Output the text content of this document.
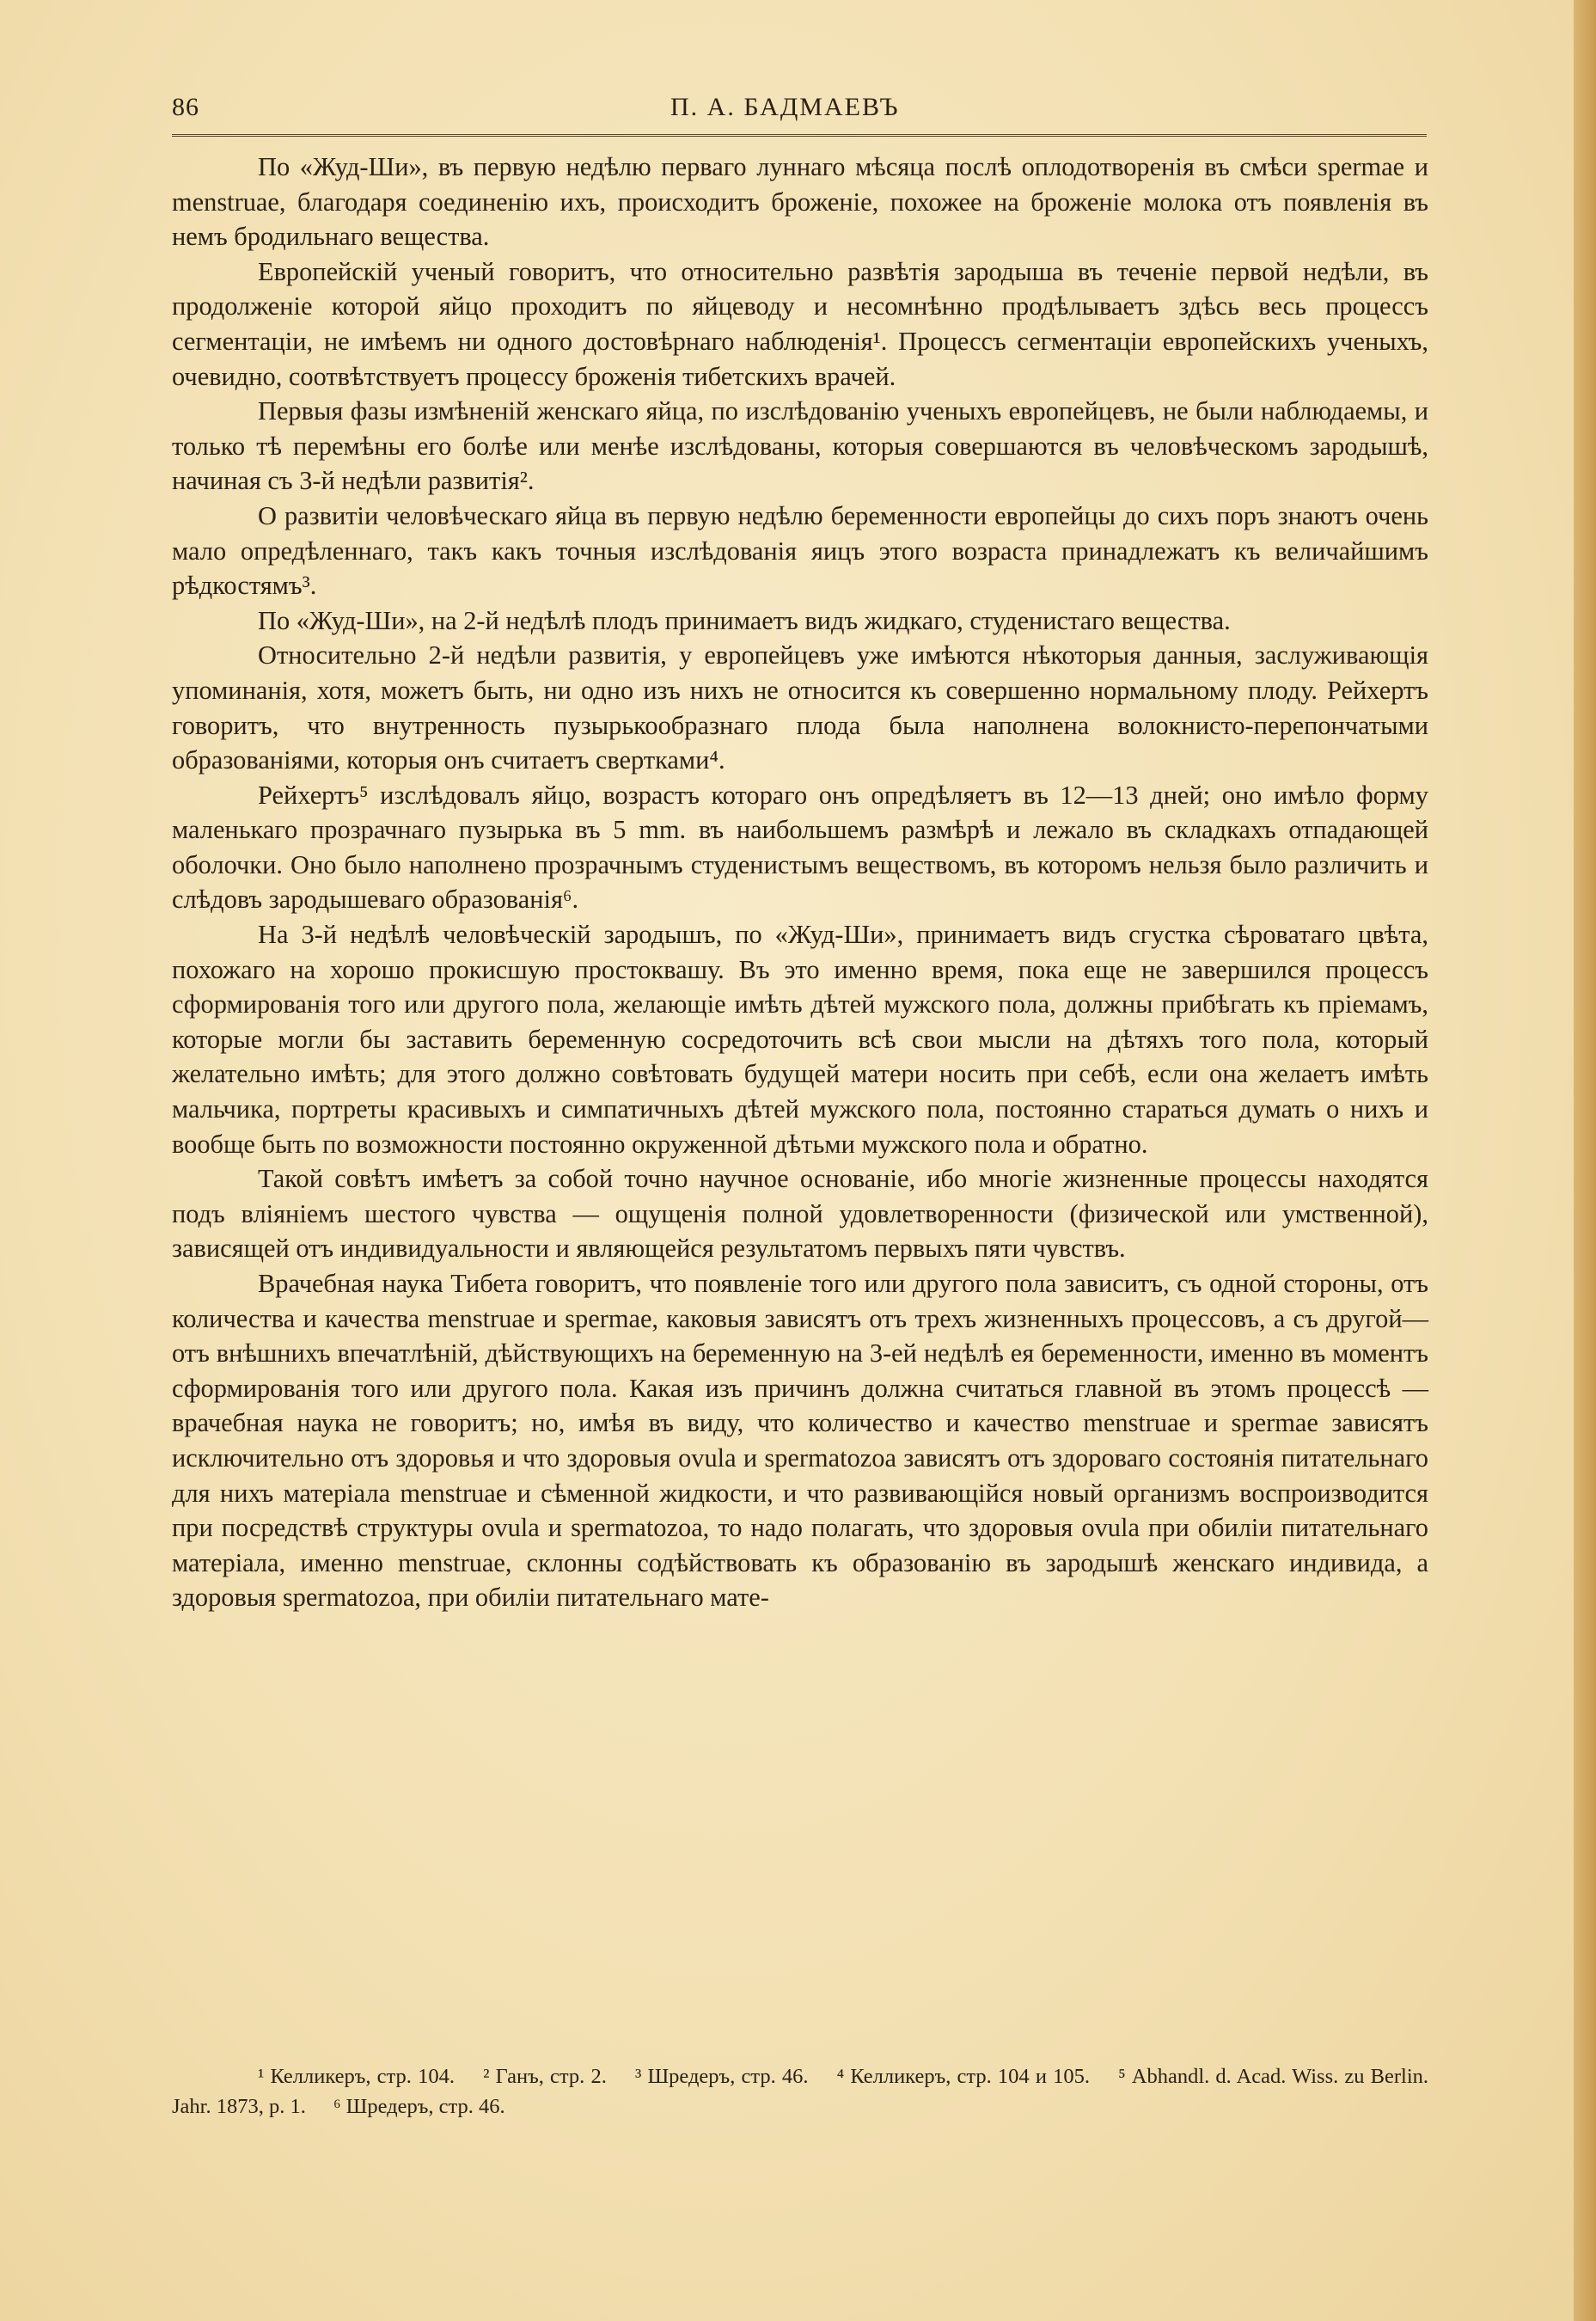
86	П. А. БАДМАЕВЪ

По «Жуд-Ши», въ первую недѣлю перваго луннаго мѣсяца послѣ оплодотворенія въ смѣси spermae и menstruae, благодаря соединенію ихъ, происходитъ броженіе, похожее на броженіе молока отъ появленія въ немъ бродильнаго вещества.

Европейскій ученый говоритъ, что относительно развѣтія зародыша въ теченіе первой недѣли, въ продолженіе которой яйцо проходитъ по яйцеводу и несомнѣнно продѣлываетъ здѣсь весь процессъ сегментаціи, не имѣемъ ни одного достовѣрнаго наблюденія¹. Процессъ сегментаціи европейскихъ ученыхъ, очевидно, соотвѣтствуетъ процессу броженія тибетскихъ врачей.

Первыя фазы измѣненій женскаго яйца, по изслѣдованію ученыхъ европейцевъ, не были наблюдаемы, и только тѣ перемѣны его болѣе или менѣе изслѣдованы, которыя совершаются въ человѣческомъ зародышѣ, начиная съ 3-й недѣли развитія².

О развитіи человѣческаго яйца въ первую недѣлю беременности европейцы до сихъ поръ знаютъ очень мало опредѣленнаго, такъ какъ точныя изслѣдованія яицъ этого возраста принадлежатъ къ величайшимъ рѣдкостямъ³.

По «Жуд-Ши», на 2-й недѣлѣ плодъ принимаетъ видъ жидкаго, студенистаго вещества.

Относительно 2-й недѣли развитія, у европейцевъ уже имѣются нѣкоторыя данныя, заслуживающія упоминанія, хотя, можетъ быть, ни одно изъ нихъ не относится къ совершенно нормальному плоду. Рейхертъ говоритъ, что внутренность пузырькообразнаго плода была наполнена волокнисто-перепончатыми образованіями, которыя онъ считаетъ свертками⁴.

Рейхертъ⁵ изслѣдовалъ яйцо, возрастъ котораго онъ опредѣляетъ въ 12—13 дней; оно имѣло форму маленькаго прозрачнаго пузырька въ 5 mm. въ наибольшемъ размѣрѣ и лежало въ складкахъ отпадающей оболочки. Оно было наполнено прозрачнымъ студенистымъ веществомъ, въ которомъ нельзя было различить и слѣдовъ зародышеваго образованія⁶.

На 3-й недѣлѣ человѣческій зародышъ, по «Жуд-Ши», принимаетъ видъ сгустка сѣроватаго цвѣта, похожаго на хорошо прокисшую простоквашу. Въ это именно время, пока еще не завершился процессъ сформированія того или другого пола, желающіе имѣть дѣтей мужского пола, должны прибѣгать къ пріемамъ, которые могли бы заставить беременную сосредоточить всѣ свои мысли на дѣтяхъ того пола, который желательно имѣть; для этого должно совѣтовать будущей матери носить при себѣ, если она желаетъ имѣть мальчика, портреты красивыхъ и симпатичныхъ дѣтей мужского пола, постоянно стараться думать о нихъ и вообще быть по возможности постоянно окруженной дѣтьми мужского пола и обратно.

Такой совѣтъ имѣетъ за собой точно научное основаніе, ибо многіе жизненные процессы находятся подъ вліяніемъ шестого чувства — ощущенія полной удовлетворенности (физической или умственной), зависящей отъ индивидуальности и являющейся результатомъ первыхъ пяти чувствъ.

Врачебная наука Тибета говоритъ, что появленіе того или другого пола зависитъ, съ одной стороны, отъ количества и качества menstruae и spermae, каковыя зависятъ отъ трехъ жизненныхъ процессовъ, а съ другой—отъ внѣшнихъ впечатлѣній, дѣйствующихъ на беременную на 3-ей недѣлѣ ея беременности, именно въ моментъ сформированія того или другого пола. Какая изъ причинъ должна считаться главной въ этомъ процессѣ — врачебная наука не говоритъ; но, имѣя въ виду, что количество и качество menstruae и spermae зависятъ исключительно отъ здоровья и что здоровыя ovula и spermatozoa зависятъ отъ здороваго состоянія питательнаго для нихъ матеріала menstruae и сѣменной жидкости, и что развивающійся новый организмъ воспроизводится при посредствѣ структуры ovula и spermatozoa, то надо полагать, что здоровыя ovula при обиліи питательнаго матеріала, именно menstruae, склонны содѣйствовать къ образованію въ зародышѣ женскаго индивида, а здоровыя spermatozoa, при обиліи питательнаго мате-

¹ Келликеръ, стр. 104. ² Ганъ, стр. 2. ³ Шредеръ, стр. 46. ⁴ Келликеръ, стр. 104 и 105. ⁵ Abhandl. d. Acad. Wiss. zu Berlin. Jahr. 1873, p. 1. ⁶ Шредеръ, стр. 46.
